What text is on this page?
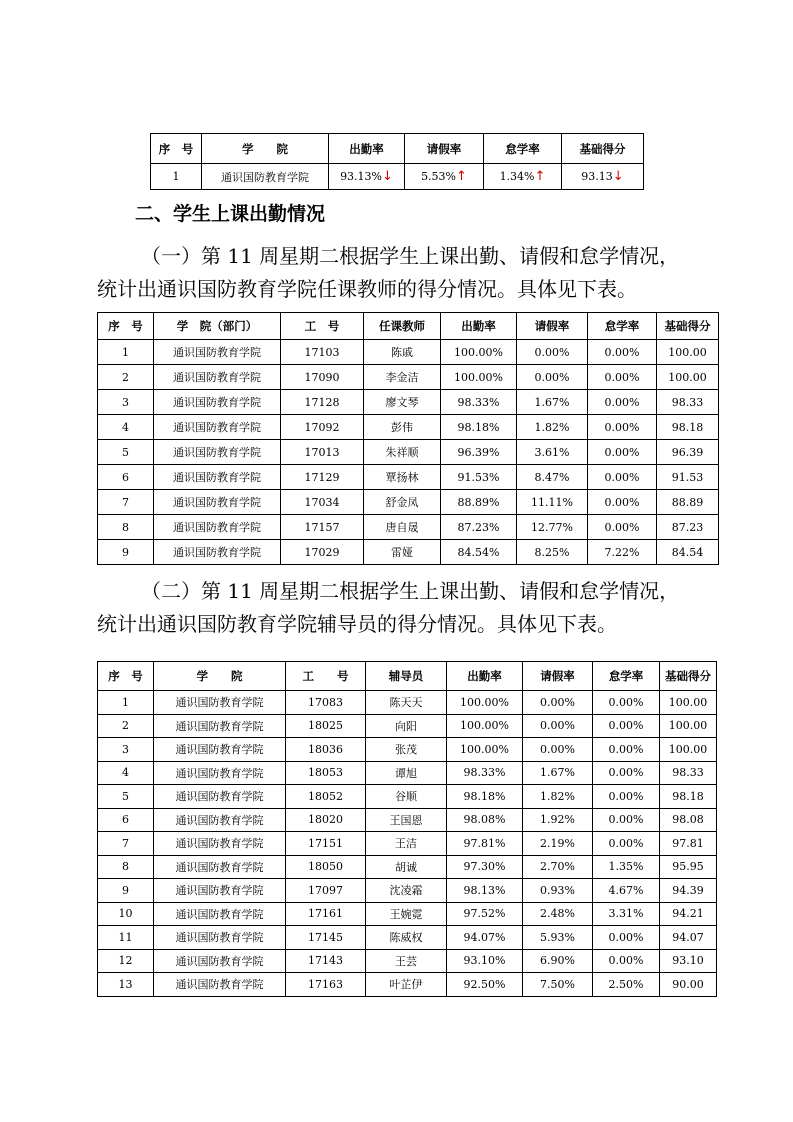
序　号	学　　院	出勤率	请假率	怠学率	基础得分
1	通识国防教育学院	93.13%↓	5.53%↑	1.34%↑	93.13↓
二、学生上课出勤情况
（一）第 11 周星期二根据学生上课出勤、请假和怠学情况，
统计出通识国防教育学院任课教师的得分情况。具体见下表。
序　号	学　院（部门）	工　号	任课教师	出勤率	请假率	怠学率	基础得分
1	通识国防教育学院	17103	陈戚	100.00%	0.00%	0.00%	100.00
2	通识国防教育学院	17090	李金洁	100.00%	0.00%	0.00%	100.00
3	通识国防教育学院	17128	廖文琴	98.33%	1.67%	0.00%	98.33
4	通识国防教育学院	17092	彭伟	98.18%	1.82%	0.00%	98.18
5	通识国防教育学院	17013	朱祥顺	96.39%	3.61%	0.00%	96.39
6	通识国防教育学院	17129	覃扬林	91.53%	8.47%	0.00%	91.53
7	通识国防教育学院	17034	舒金凤	88.89%	11.11%	0.00%	88.89
8	通识国防教育学院	17157	唐自晟	87.23%	12.77%	0.00%	87.23
9	通识国防教育学院	17029	雷娅	84.54%	8.25%	7.22%	84.54
（二）第 11 周星期二根据学生上课出勤、请假和怠学情况，
统计出通识国防教育学院辅导员的得分情况。具体见下表。
序　号	学　　院	工　　号	辅导员	出勤率	请假率	怠学率	基础得分
1	通识国防教育学院	17083	陈天天	100.00%	0.00%	0.00%	100.00
2	通识国防教育学院	18025	向阳	100.00%	0.00%	0.00%	100.00
3	通识国防教育学院	18036	张茂	100.00%	0.00%	0.00%	100.00
4	通识国防教育学院	18053	谭旭	98.33%	1.67%	0.00%	98.33
5	通识国防教育学院	18052	谷顺	98.18%	1.82%	0.00%	98.18
6	通识国防教育学院	18020	王国恩	98.08%	1.92%	0.00%	98.08
7	通识国防教育学院	17151	王洁	97.81%	2.19%	0.00%	97.81
8	通识国防教育学院	18050	胡诚	97.30%	2.70%	1.35%	95.95
9	通识国防教育学院	17097	沈凌霜	98.13%	0.93%	4.67%	94.39
10	通识国防教育学院	17161	王婉霓	97.52%	2.48%	3.31%	94.21
11	通识国防教育学院	17145	陈威权	94.07%	5.93%	0.00%	94.07
12	通识国防教育学院	17143	王芸	93.10%	6.90%	0.00%	93.10
13	通识国防教育学院	17163	叶芷伊	92.50%	7.50%	2.50%	90.00
